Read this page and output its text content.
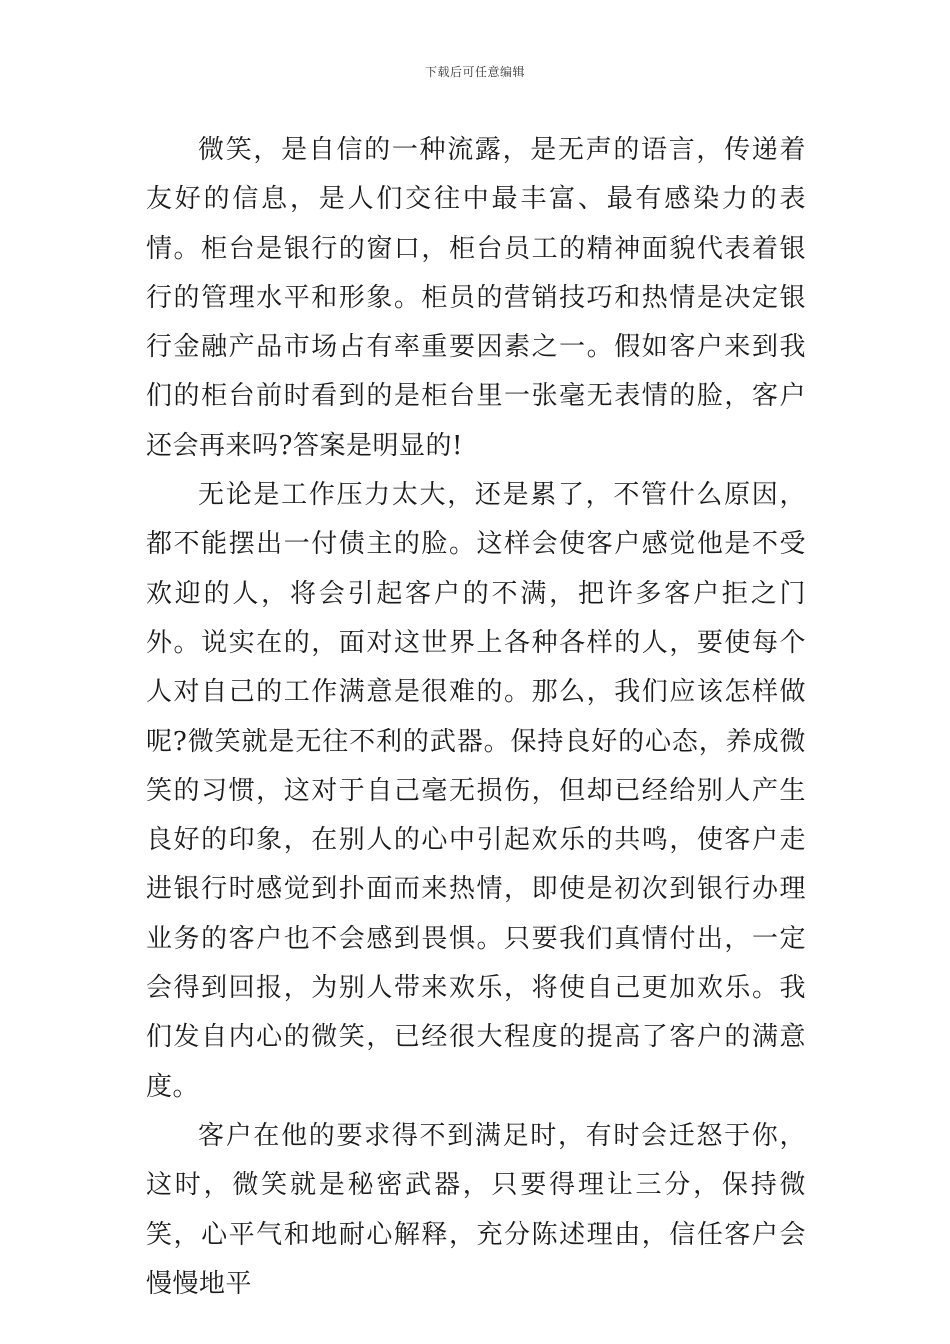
下载后可任意编辑

微笑，是自信的一种流露，是无声的语言，传递着友好的信息，是人们交往中最丰富、最有感染力的表情。柜台是银行的窗口，柜台员工的精神面貌代表着银行的管理水平和形象。柜员的营销技巧和热情是决定银行金融产品市场占有率重要因素之一。假如客户来到我们的柜台前时看到的是柜台里一张毫无表情的脸，客户还会再来吗?答案是明显的!

无论是工作压力太大，还是累了，不管什么原因，都不能摆出一付债主的脸。这样会使客户感觉他是不受欢迎的人，将会引起客户的不满，把许多客户拒之门外。说实在的，面对这世界上各种各样的人，要使每个人对自己的工作满意是很难的。那么，我们应该怎样做呢?微笑就是无往不利的武器。保持良好的心态，养成微笑的习惯，这对于自己毫无损伤，但却已经给别人产生良好的印象，在别人的心中引起欢乐的共鸣，使客户走进银行时感觉到扑面而来热情，即使是初次到银行办理业务的客户也不会感到畏惧。只要我们真情付出，一定会得到回报，为别人带来欢乐，将使自己更加欢乐。我们发自内心的微笑，已经很大程度的提高了客户的满意度。

客户在他的要求得不到满足时，有时会迁怒于你，这时，微笑就是秘密武器，只要得理让三分，保持微笑，心平气和地耐心解释，充分陈述理由，信任客户会慢慢地平
